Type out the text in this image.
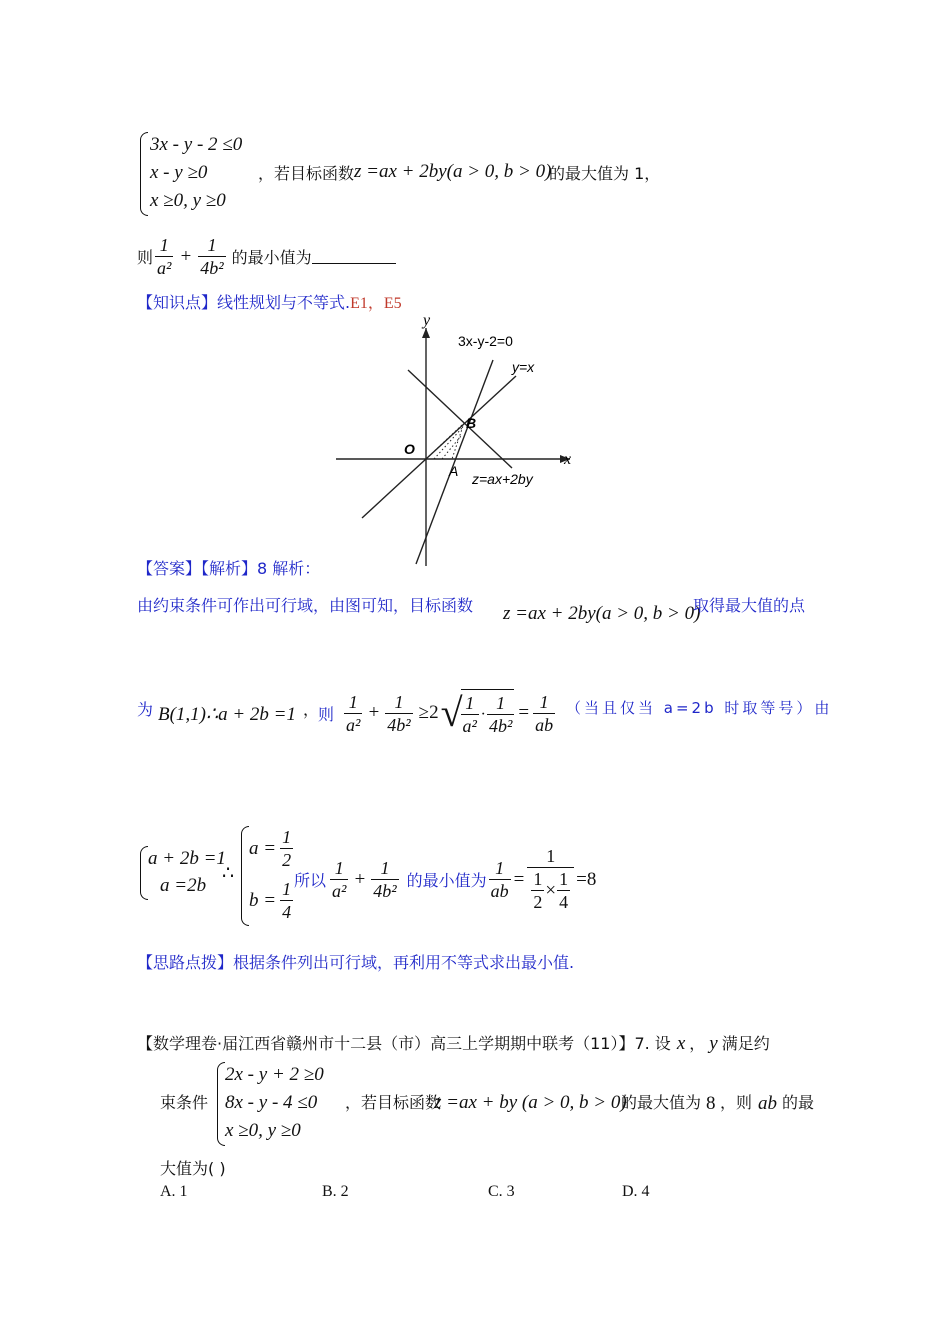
3x - y - 2 ≤0
x - y ≥0
x ≥0, y ≥0
，若目标函数 z =ax + 2by(a > 0, b > 0)
的最大值为 1，
则 $\frac{1}{\text{a²}} + \frac{1}{\text{4b²}}$ 的最小值为
【知识点】线性规划与不等式.E1，E5
y
x
O
3x-y-2=0
y=x
B
A z=ax+2by
【答案】【解析】8 解析：
由约束条件可作出可行域，由图可知，目标函数 z =ax + 2by(a > 0, b > 0)
取得最大值的点
为 B(1,1)∴a + 2b =1 ，
则 $\frac{1}{\text{a²}} + \frac{1}{\text{4b²}} \ge 2$ √
$\frac{1}{\text{a²}} \cdot \frac{1}{\text{4b²}} = \frac{1}{ab}$ （当且仅当 a=2b 时取等号）由
a + 2b =1
a =2b
∴
$a = \frac{1}{2}$
$b = \frac{1}{4}$ 所以 $\frac{1}{\text{a²}} + \frac{1}{\text{4b²}}$ 的最小值为 $\frac{1}{ab} = \frac{1}{\frac{1}{2} \times \frac{1}{4}} =8$
【思路点拨】根据条件列出可行域，再利用不等式求出最小值.
【数学理卷·届江西省赣州市十二县（市）高三上学期期中联考（11）】7. 设 x ， y 满足约
束条件
2x - y + 2 ≥0
8x - y - 4 ≤0
x ≥0, y ≥0
，若目标函数
z =ax + by (a > 0, b > 0)
的最大值为 8 ，则 ab 的最
大值为( )
A. 1	B. 2	C. 3	D. 4
